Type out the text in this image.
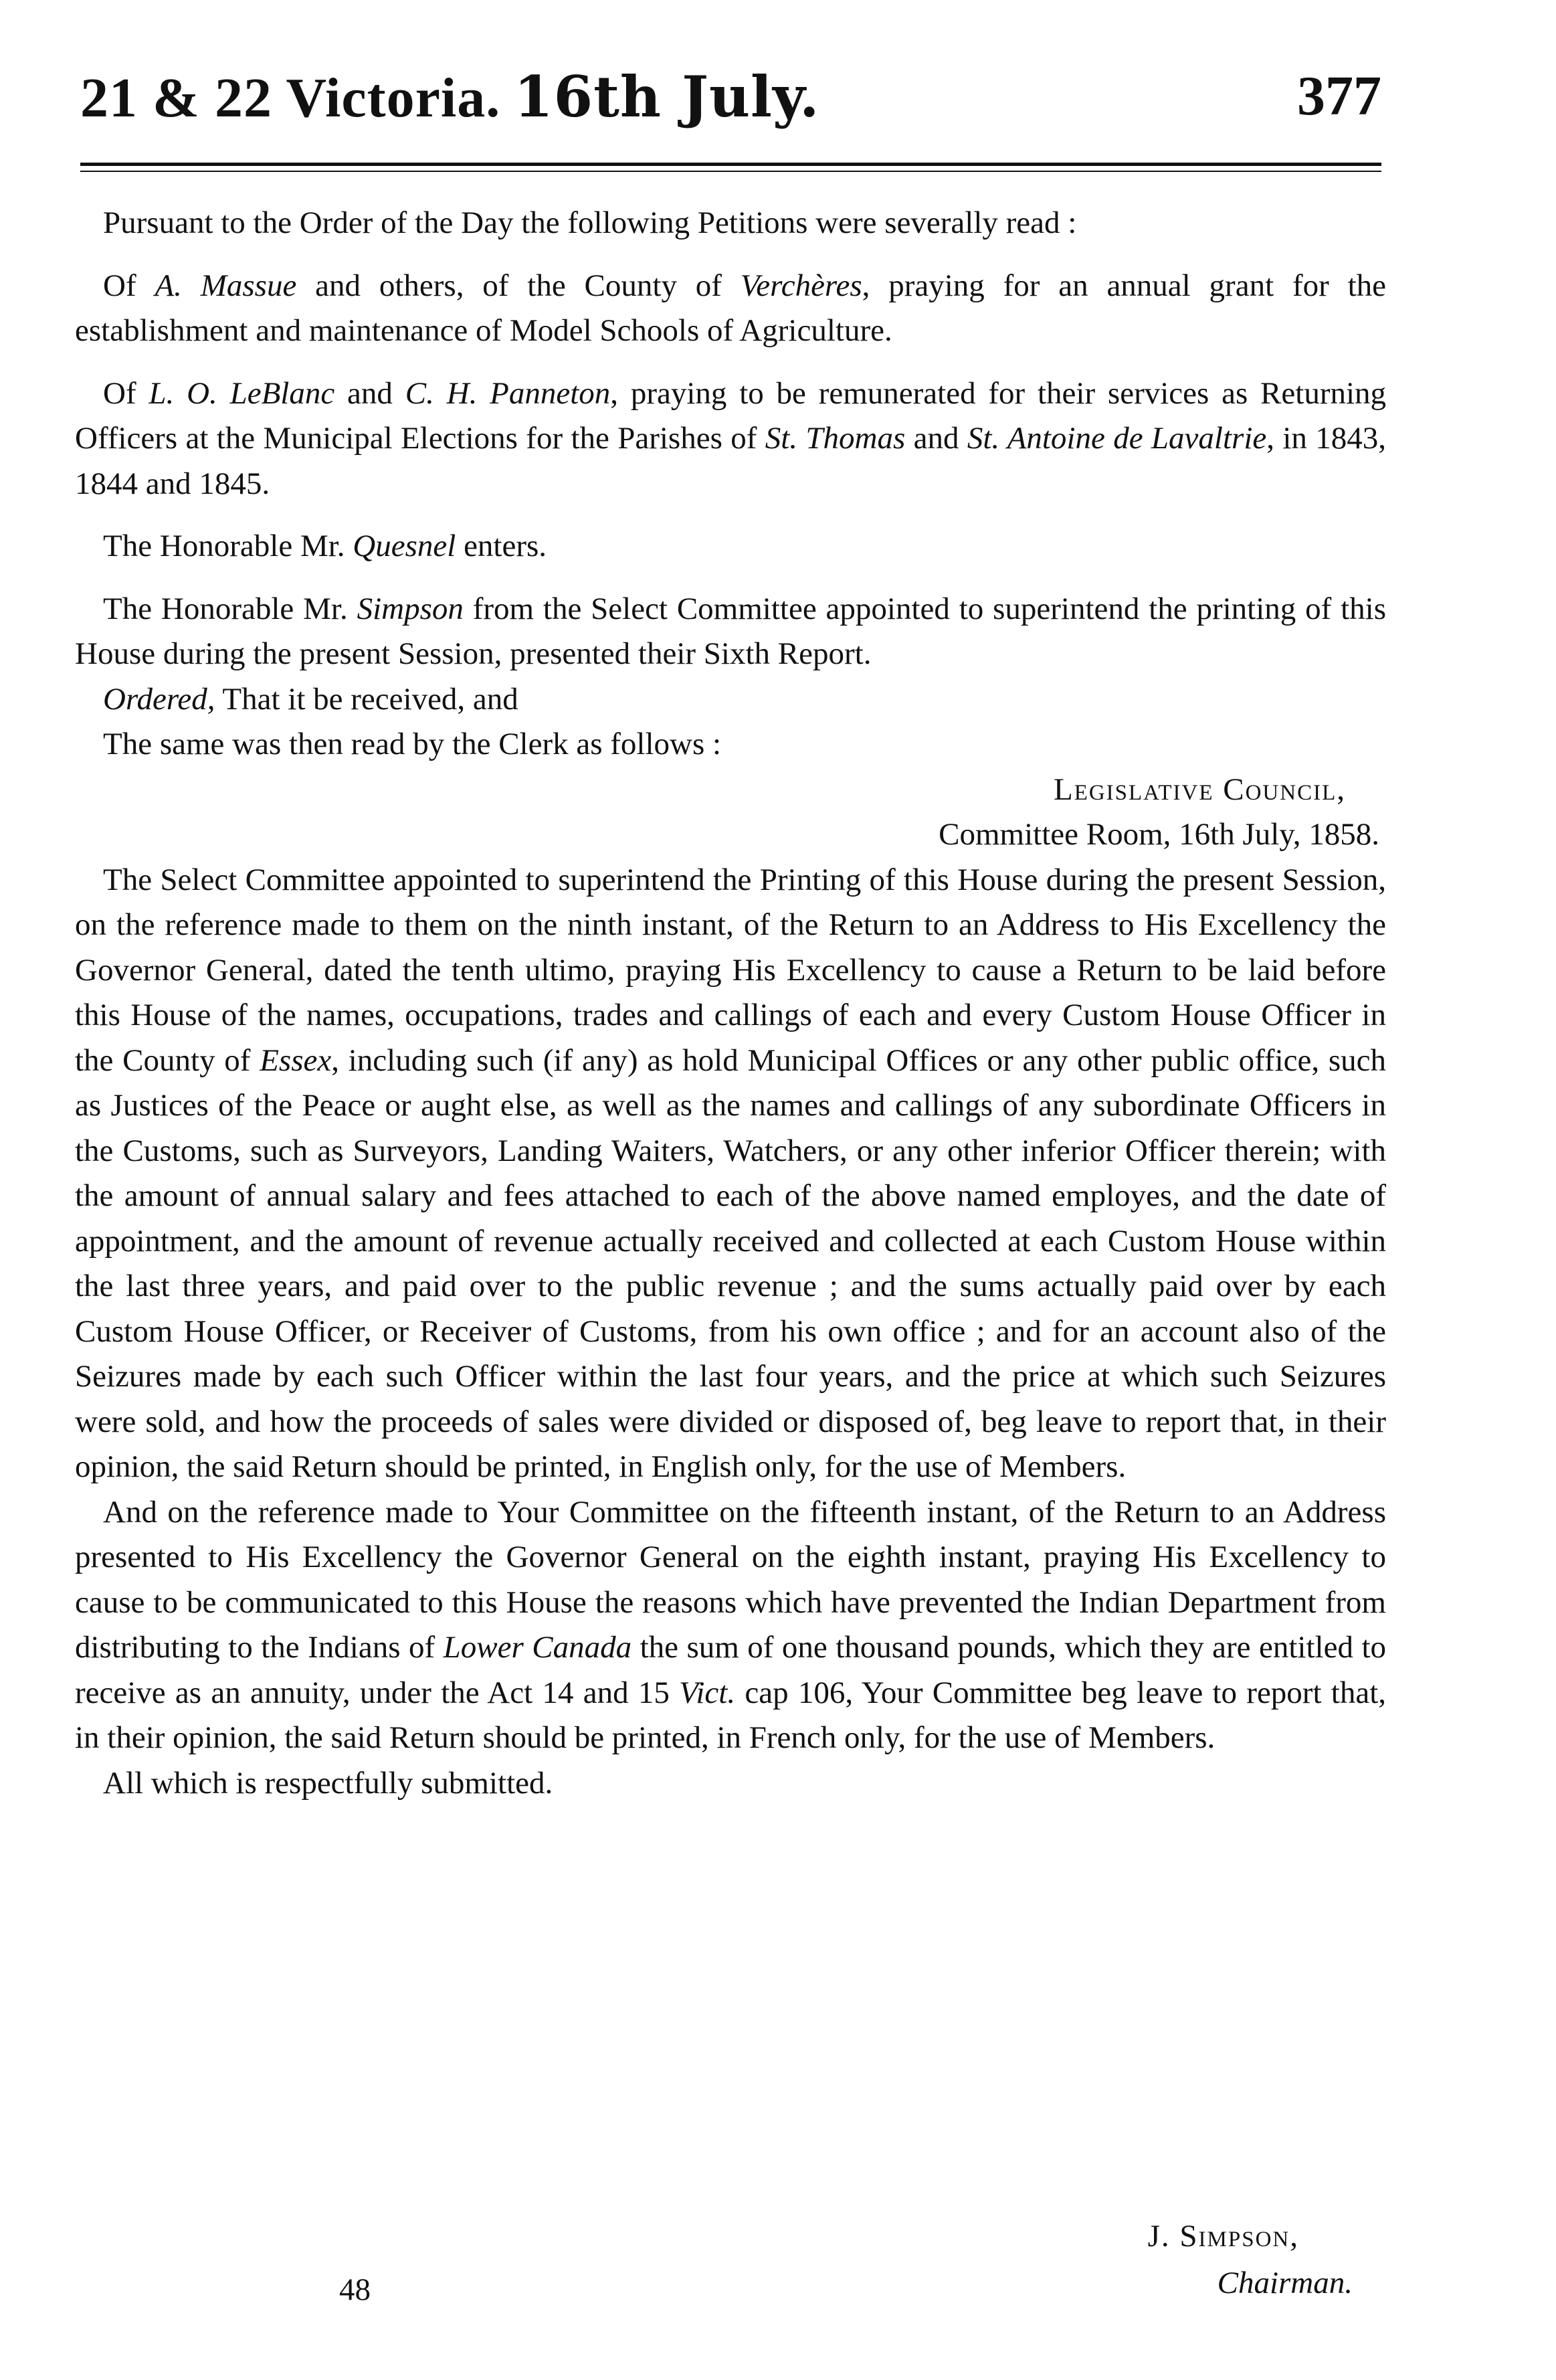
21 & 22 Victoria. 16th July.	377

Pursuant to the Order of the Day the following Petitions were severally read :

Of A. Massue and others, of the County of Verchères, praying for an annual grant for the establishment and maintenance of Model Schools of Agriculture.

Of L. O. LeBlanc and C. H. Panneton, praying to be remunerated for their services as Returning Officers at the Municipal Elections for the Parishes of St. Thomas and St. Antoine de Lavaltrie, in 1843, 1844 and 1845.

The Honorable Mr. Quesnel enters.

The Honorable Mr. Simpson from the Select Committee appointed to superintend the printing of this House during the present Session, presented their Sixth Report.

Ordered, That it be received, and

The same was then read by the Clerk as follows :

Legislative Council,

Committee Room, 16th July, 1858.

The Select Committee appointed to superintend the Printing of this House during the present Session, on the reference made to them on the ninth instant, of the Return to an Address to His Excellency the Governor General, dated the tenth ultimo, praying His Excellency to cause a Return to be laid before this House of the names, occupations, trades and callings of each and every Custom House Officer in the County of Essex, including such (if any) as hold Municipal Offices or any other public office, such as Justices of the Peace or aught else, as well as the names and callings of any subordinate Officers in the Customs, such as Surveyors, Landing Waiters, Watchers, or any other inferior Officer therein; with the amount of annual salary and fees attached to each of the above named employes, and the date of appointment, and the amount of revenue actually received and collected at each Custom House within the last three years, and paid over to the public revenue ; and the sums actually paid over by each Custom House Officer, or Receiver of Customs, from his own office ; and for an account also of the Seizures made by each such Officer within the last four years, and the price at which such Seizures were sold, and how the proceeds of sales were divided or disposed of, beg leave to report that, in their opinion, the said Return should be printed, in English only, for the use of Members.

And on the reference made to Your Committee on the fifteenth instant, of the Return to an Address presented to His Excellency the Governor General on the eighth instant, praying His Excellency to cause to be communicated to this House the reasons which have prevented the Indian Department from distributing to the Indians of Lower Canada the sum of one thousand pounds, which they are entitled to receive as an annuity, under the Act 14 and 15 Vict. cap 106, Your Committee beg leave to report that, in their opinion, the said Return should be printed, in French only, for the use of Members.

All which is respectfully submitted.

J. Simpson,
Chairman.
48
